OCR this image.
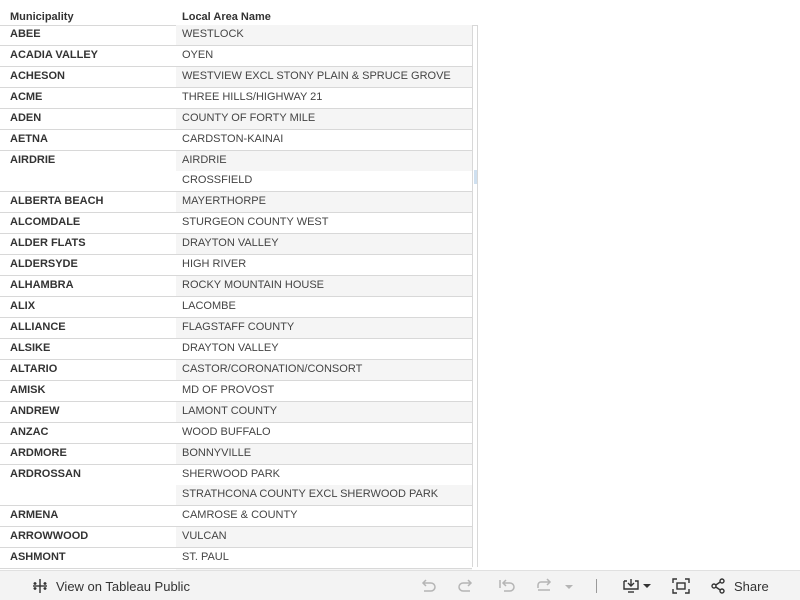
Municipality	Local Area Name
ABEE	WESTLOCK
ACADIA VALLEY	OYEN
ACHESON	WESTVIEW EXCL STONY PLAIN & SPRUCE GROVE
ACME	THREE HILLS/HIGHWAY 21
ADEN	COUNTY OF FORTY MILE
AETNA	CARDSTON-KAINAI
AIRDRIE	AIRDRIE
CROSSFIELD
ALBERTA BEACH	MAYERTHORPE
ALCOMDALE	STURGEON COUNTY WEST
ALDER FLATS	DRAYTON VALLEY
ALDERSYDE	HIGH RIVER
ALHAMBRA	ROCKY MOUNTAIN HOUSE
ALIX	LACOMBE
ALLIANCE	FLAGSTAFF COUNTY
ALSIKE	DRAYTON VALLEY
ALTARIO	CASTOR/CORONATION/CONSORT
AMISK	MD OF PROVOST
ANDREW	LAMONT COUNTY
ANZAC	WOOD BUFFALO
ARDMORE	BONNYVILLE
ARDROSSAN	SHERWOOD PARK
STRATHCONA COUNTY EXCL SHERWOOD PARK
ARMENA	CAMROSE & COUNTY
ARROWWOOD	VULCAN
ASHMONT	ST. PAUL
View on Tableau Public	Share
